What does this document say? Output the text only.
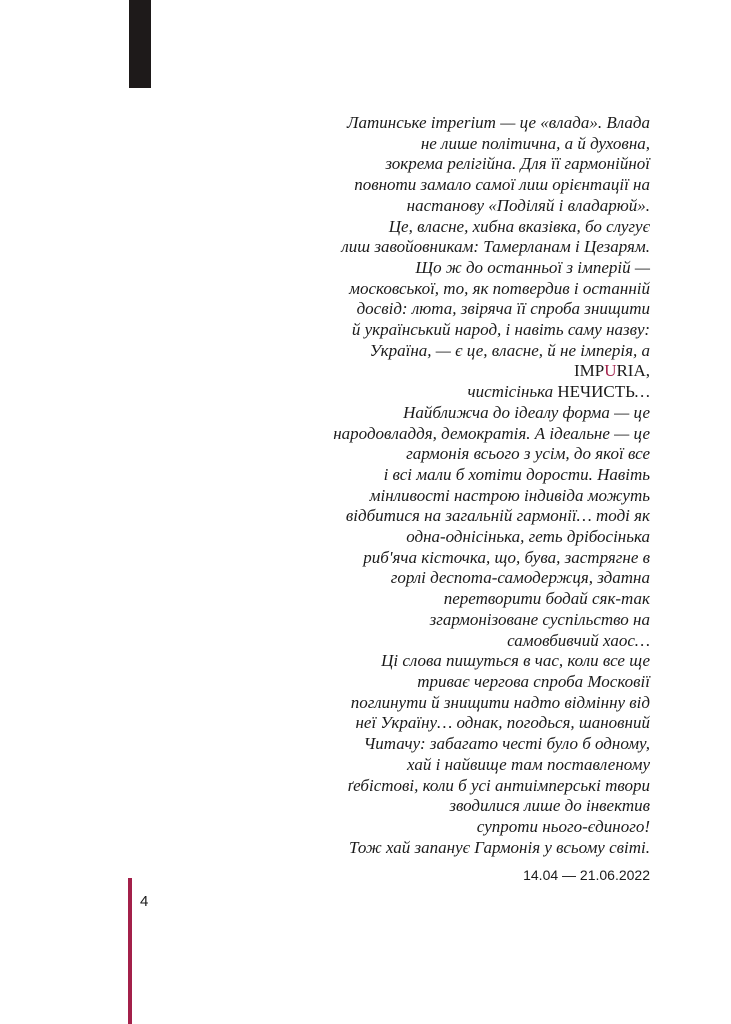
Латинське imperium — це «влада». Влада
не лише політична, а й духовна,
зокрема релігійна. Для її гармонійної
повноти замало самої лиш орієнтації на
настанову «Поділяй і владарюй».
Це, власне, хибна вказівка, бо слугує
лиш завойовникам: Тамерланам і Цезарям.
Що ж до останньої з імперій —
московської, то, як потвердив і останній
досвід: люта, звіряча її спроба знищити
й український народ, і навіть саму назву:
Україна, — є це, власне, й не імперія, а
IMPURIA,
чистісінька НЕЧИСТЬ…
Найближча до ідеалу форма — це
народовладдя, демократія. А ідеальне — це
гармонія всього з усім, до якої все
і всі мали б хотіти дорости. Навіть
мінливості настрою індивіда можуть
відбитися на загальній гармонії… тоді як
одна-однісінька, геть дрібосінька
риб'яча кісточка, що, бува, застрягне в
горлі деспота-самодержця, здатна
перетворити бодай сяк-так
згармонізоване суспільство на
самовбивчий хаос…
Ці слова пишуться в час, коли все ще
триває чергова спроба Московії
поглинути й знищити надто відмінну від
неї Україну… однак, погодься, шановний
Читачу: забагато честі було б одному,
хай і найвище там поставленому
ґебістові, коли б усі антиімперські твори
зводилися лише до інвектив
супроти нього-єдиного!
Тож хай запанує Гармонія у всьому світі.
14.04 — 21.06.2022
4
